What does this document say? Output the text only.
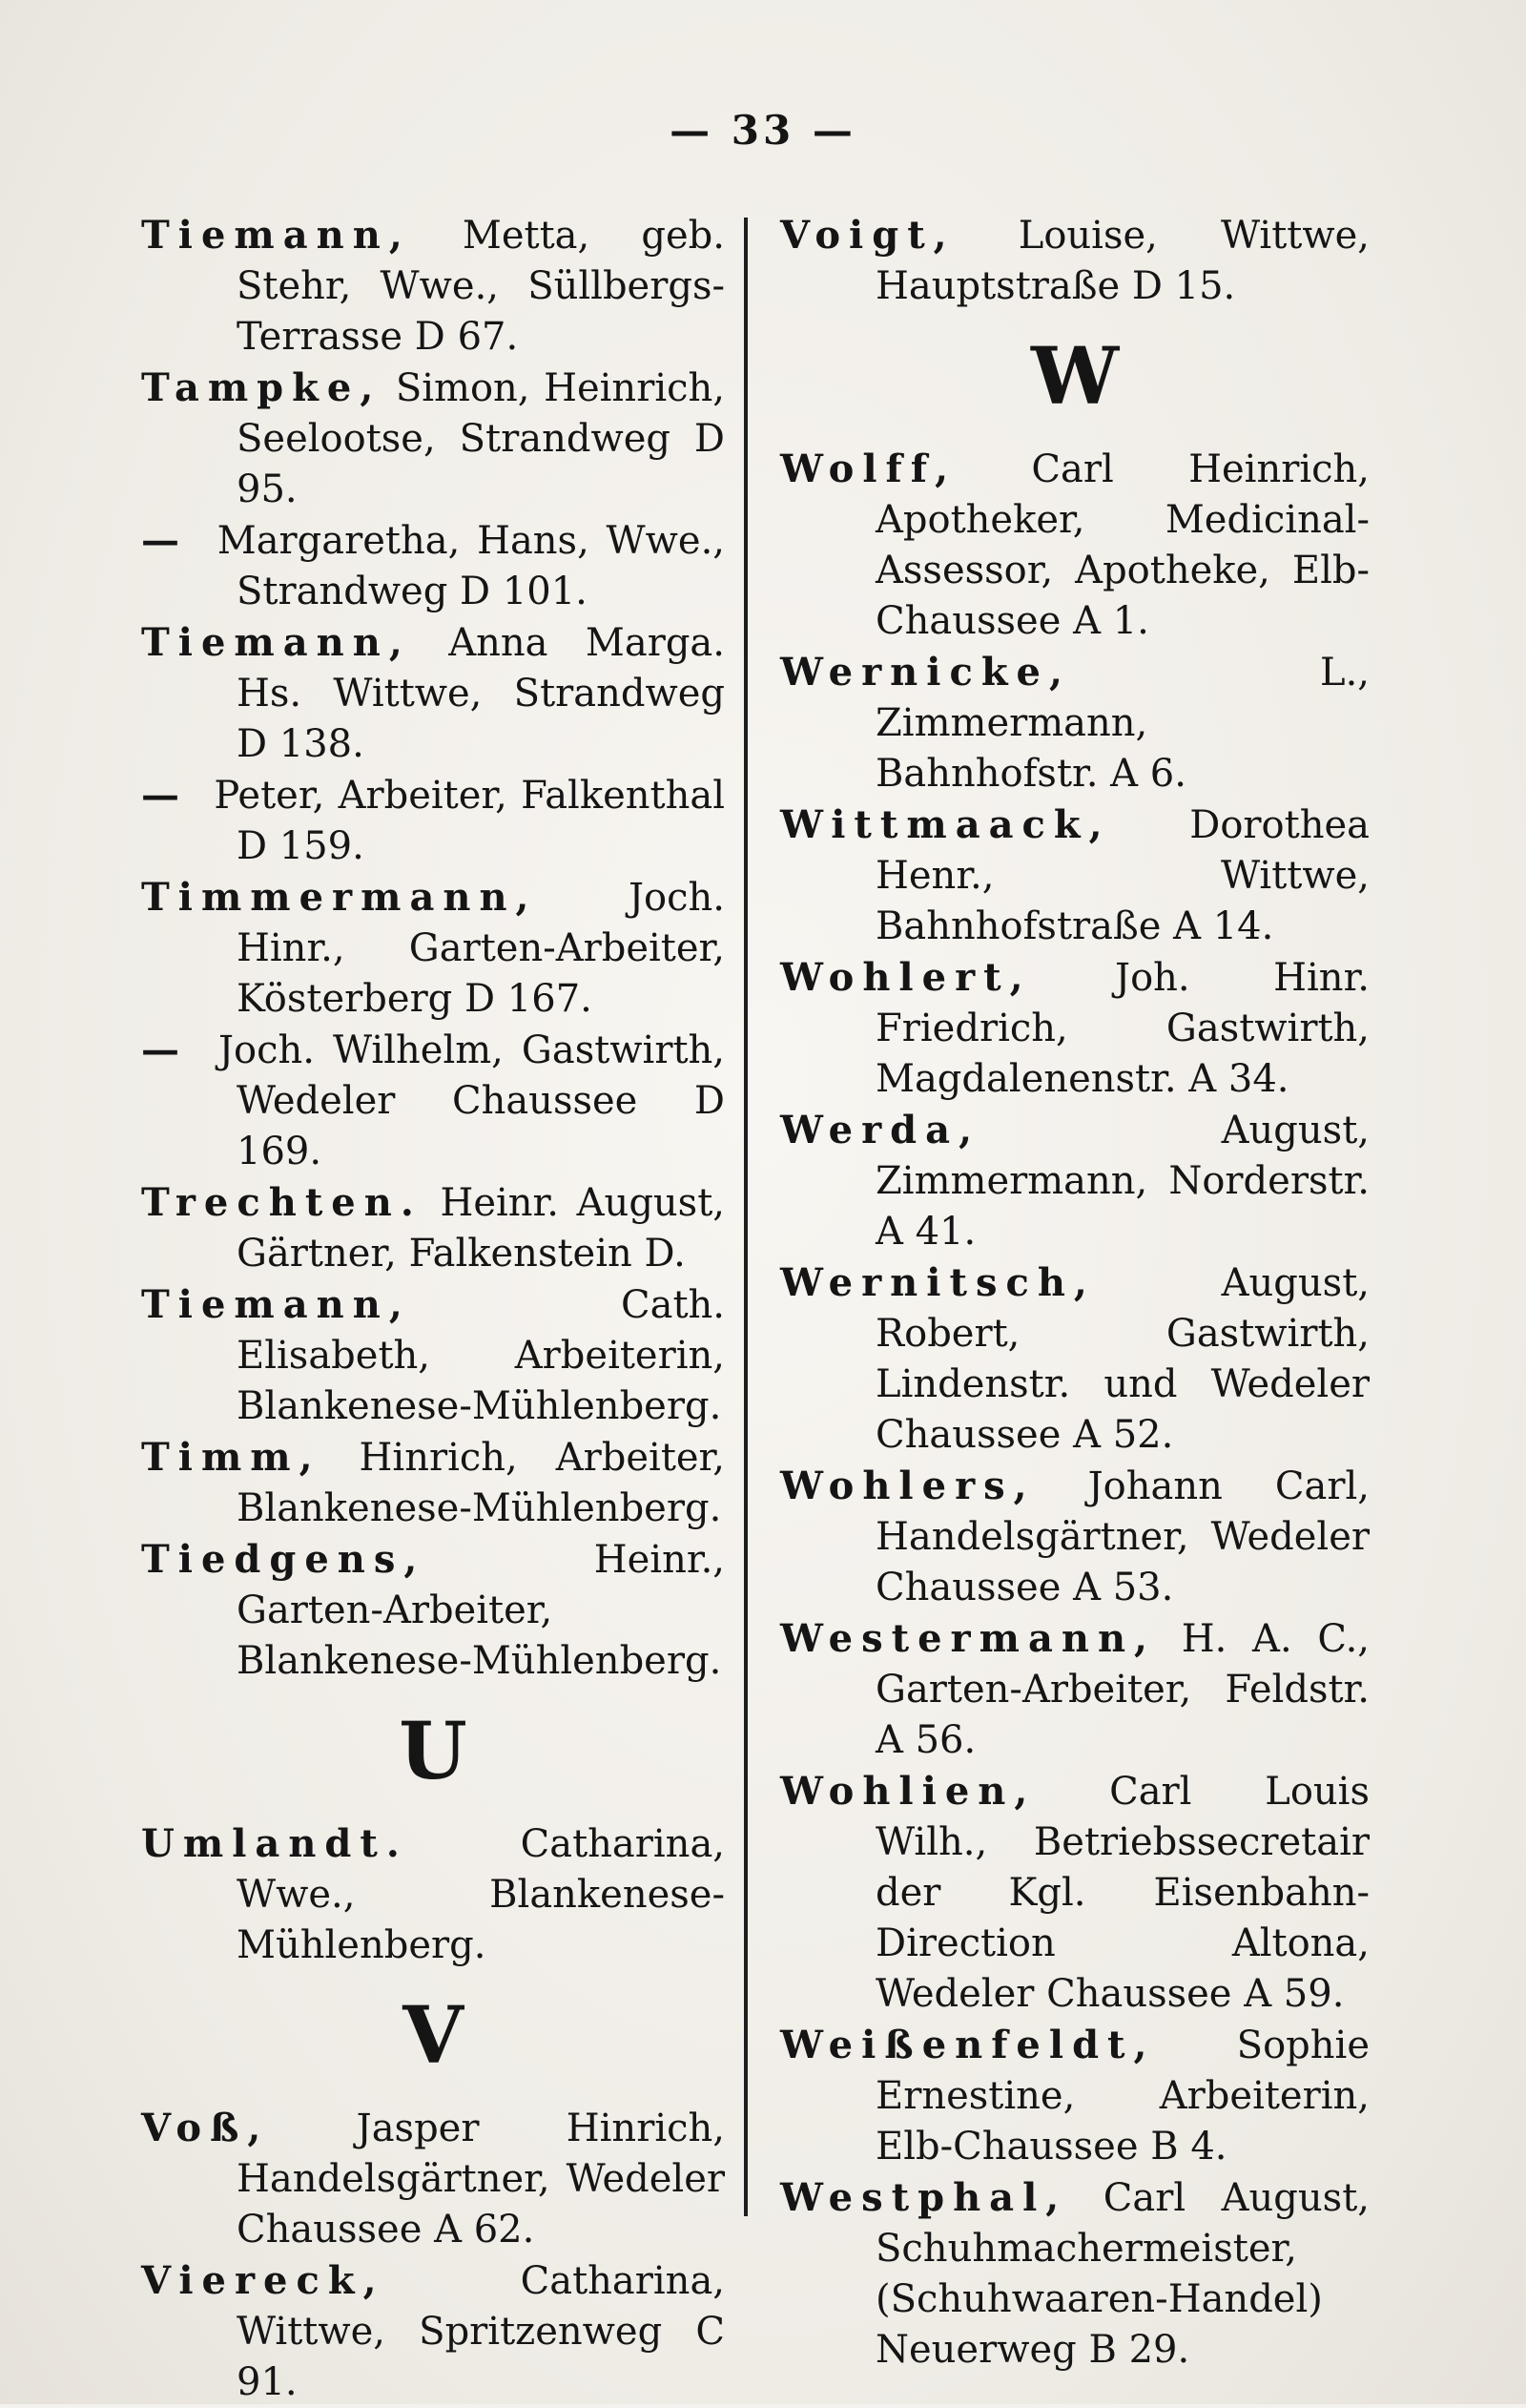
— 33 —

Tiemann, Metta, geb. Stehr, Wwe., Süllbergs-Terrasse D 67.

Tampke, Simon, Heinrich, Seelootse, Strandweg D 95.

— Margaretha, Hans, Wwe., Strandweg D 101.

Tiemann, Anna Marga. Hs. Wittwe, Strandweg D 138.

— Peter, Arbeiter, Falkenthal D 159.

Timmermann, Joch. Hinr., Garten-Arbeiter, Kösterberg D 167.

— Joch. Wilhelm, Gastwirth, Wedeler Chaussee D 169.

Trechten. Heinr. August, Gärtner, Falkenstein D.

Tiemann,	Cath. Elisabeth, Arbeiterin, Blankenese-Mühlenberg.

Timm, Hinrich, Arbeiter, Blankenese-Mühlenberg.

Tiedgens,	Heinr., Garten-Arbeiter, Blankenese-Mühlenberg.

U

Umlandt.	Catharina, Wwe., Blankenese-Mühlenberg.

V

Voß, Jasper Hinrich, Handelsgärtner, Wedeler Chaussee A 62.

Viereck,	Catharina, Wittwe, Spritzenweg C 91.

Voigt, Louise, Wittwe, Hauptstraße D 15.

W

Wolff, Carl Heinrich, Apotheker, Medicinal-Assessor, Apotheke, Elb-Chaussee A 1.

Wernicke,	L., Zimmermann, Bahnhofstr. A 6.

Wittmaack, Dorothea Henr., Wittwe, Bahnhofstraße A 14.

Wohlert, Joh. Hinr. Friedrich, Gastwirth, Magdalenenstr. A 34.

Werda,	August, Zimmermann, Norderstr. A 41.

Wernitsch,	August, Robert, Gastwirth, Lindenstr. und Wedeler Chaussee A 52.

Wohlers, Johann Carl, Handelsgärtner, Wedeler Chaussee A 53.

Westermann, H. A. C., Garten-Arbeiter, Feldstr. A 56.

Wohlien, Carl Louis Wilh., Betriebssecretair der Kgl. Eisenbahn-Direction Altona, Wedeler Chaussee A 59.

Weißenfeldt, Sophie Ernestine, Arbeiterin, Elb-Chaussee B 4.

Westphal, Carl August, Schuhmachermeister, (Schuhwaaren-Handel) Neuerweg B 29.
